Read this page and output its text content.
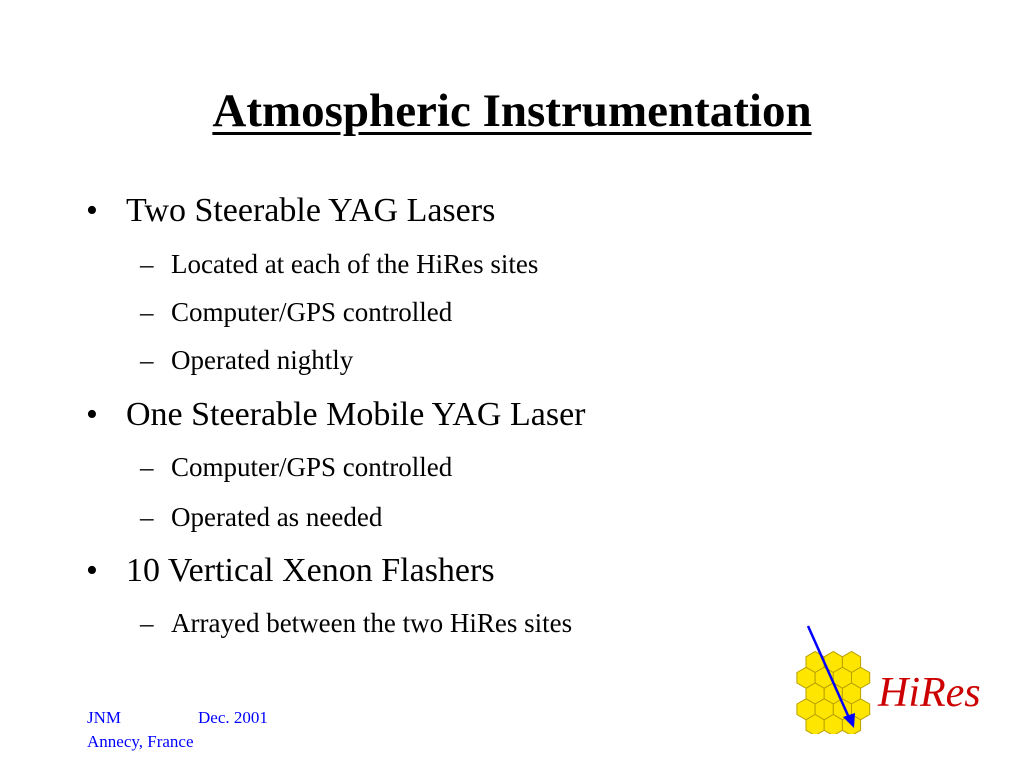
Atmospheric Instrumentation
• Two Steerable YAG Lasers
– Located at each of the HiRes sites
– Computer/GPS controlled
– Operated nightly
• One Steerable Mobile YAG Laser
– Computer/GPS controlled
– Operated as needed
• 10 Vertical Xenon Flashers
– Arrayed between the two HiRes sites
JNM	Dec. 2001
Annecy, France
HiRes
